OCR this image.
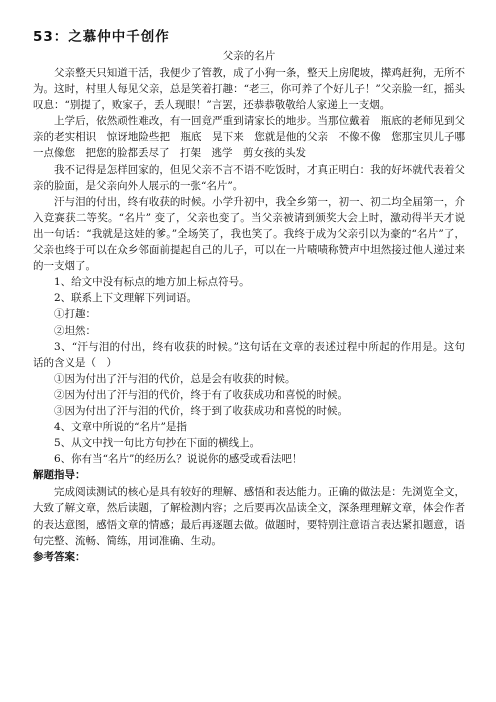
53：之慕仲中千创作
父亲的名片

父亲整天只知道干活，我便少了管教，成了小狗一条，整天上房爬坡，撵鸡赶狗，无所不为。这时，村里人每见父亲，总是笑着打趣：“老三，你可养了个好儿子！”父亲脸一红，摇头叹息：“别提了，败家子，丢人现眼！”言罢，还恭恭敬敬给人家递上一支烟。

上学后，依然顽性难改，有一回竟严重到请家长的地步。当那位戴着　瓶底的老师见到父亲的老实相识　惊讶地险些把　瓶底　晃下来　您就是他的父亲　不像不像　您那宝贝儿子哪一点像您　把您的脸都丢尽了　打架　逃学　剪女孩的头发

我不记得是怎样回家的，但见父亲不言不语不吃饭时，才真正明白：我的好坏就代表着父亲的脸面，是父亲向外人展示的一张“名片”。

汗与泪的付出，终有收获的时候。小学升初中，我全乡第一，初一、初二均全届第一，介入竞赛获二等奖。“名片” 变了，父亲也变了。当父亲被请到颁奖大会上时，激动得半天才说出一句话：“我就是这娃的爹。”全场笑了，我也笑了。我终于成为父亲引以为豪的“名片”了，父亲也终于可以在众乡邻面前提起自己的儿子，可以在一片啧啧称赞声中坦然接过他人递过来的一支烟了。

1、给文中没有标点的地方加上标点符号。

2、联系上下文理解下列词语。

①打趣：

②坦然：

3、“汗与泪的付出，终有收获的时候。”这句话在文章的表述过程中所起的作用是。这句话的含义是（　）

①因为付出了汗与泪的代价，总是会有收获的时候。

②因为付出了汗与泪的代价，终于有了收获成功和喜悦的时候。

③因为付出了汗与泪的代价，终于到了收获成功和喜悦的时候。

4、文章中所说的“名片”是指

5、从文中找一句比方句抄在下面的横线上。

6、你有当“名片”的经历么？说说你的感受或看法吧！

解题指导：

完成阅读测试的核心是具有较好的理解、感悟和表达能力。正确的做法是：先浏览全文，大致了解文章，然后读题，了解检测内容；之后要再次品读全文，深条理理解文章，体会作者的表达意图，感悟文章的情感；最后再逐题去做。做题时，要特别注意语言表达紧扣题意，语句完整、流畅、简练，用词准确、生动。

参考答案：
